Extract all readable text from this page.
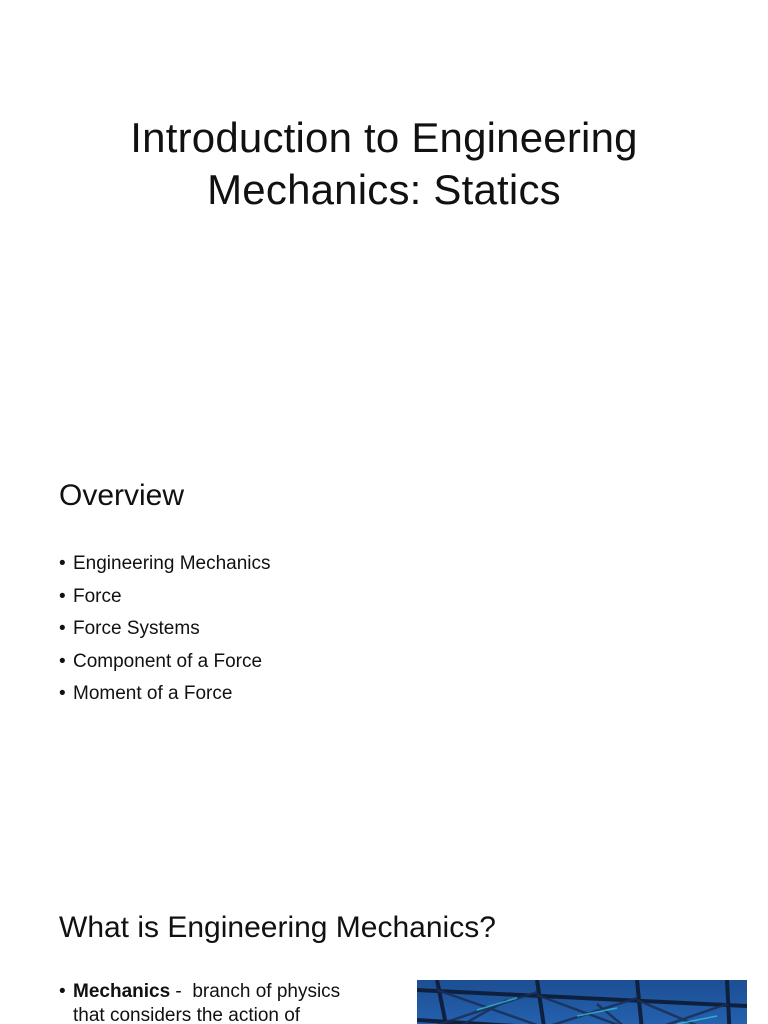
Introduction to Engineering
Mechanics: Statics
Overview
• Engineering Mechanics
• Force
• Force Systems
• Component of a Force
• Moment of a Force
What is Engineering Mechanics?
• Mechanics -  branch of physics that considers the action of
